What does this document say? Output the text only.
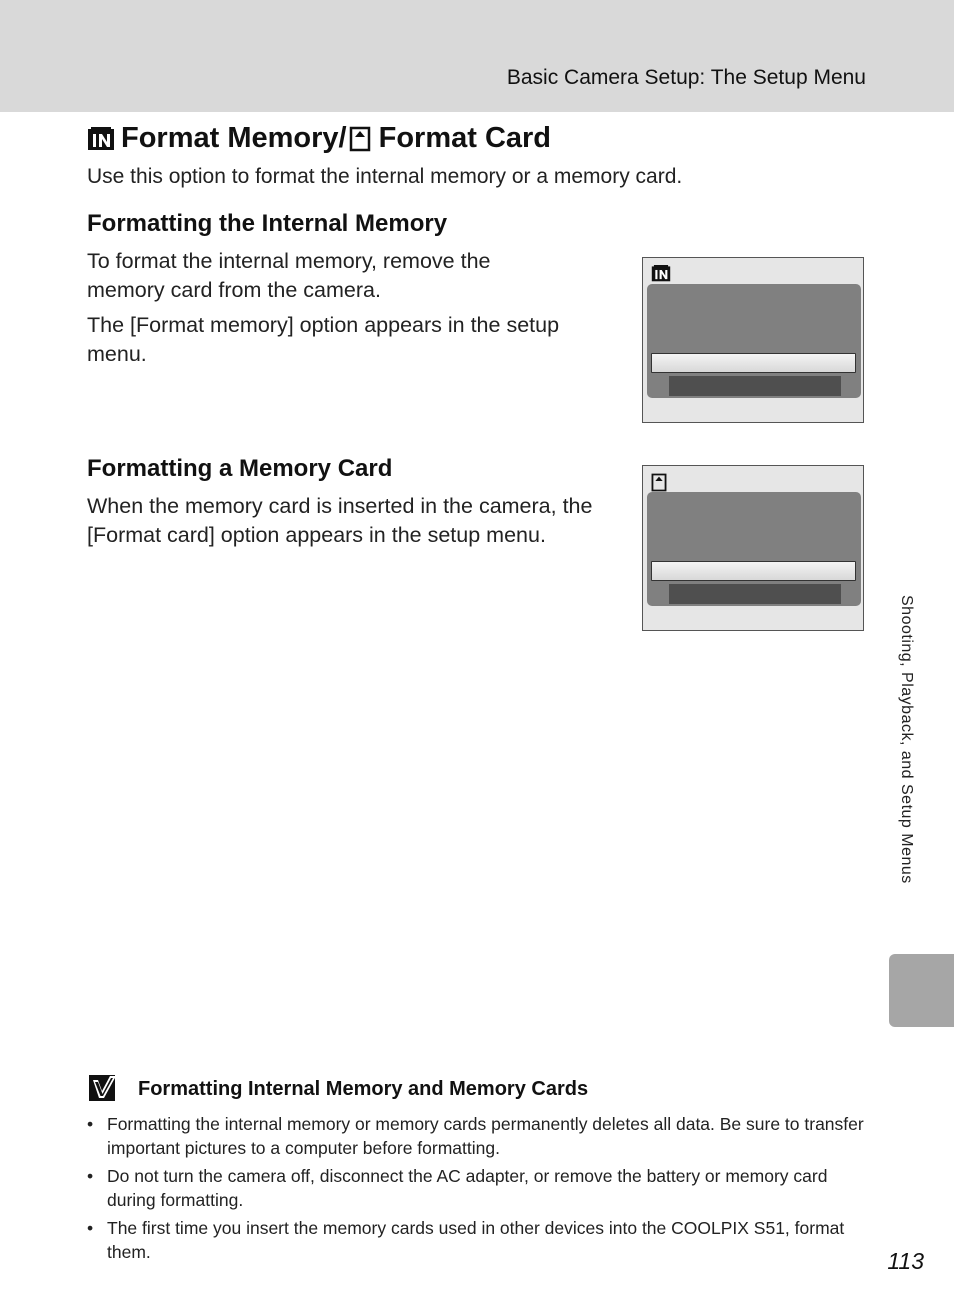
Basic Camera Setup: The Setup Menu
Format Memory/ Format Card
Use this option to format the internal memory or a memory card.
Formatting the Internal Memory

To format the internal memory, remove the memory card from the camera.

The [Format memory] option appears in the setup menu.

Formatting a Memory Card

When the memory card is inserted in the camera, the [Format card] option appears in the setup menu.

Shooting, Playback, and Setup Menus
Formatting Internal Memory and Memory Cards
• Formatting the internal memory or memory cards permanently deletes all data. Be sure to transfer important pictures to a computer before formatting.
• Do not turn the camera off, disconnect the AC adapter, or remove the battery or memory card during formatting.
• The first time you insert the memory cards used in other devices into the COOLPIX S51, format them.	113
